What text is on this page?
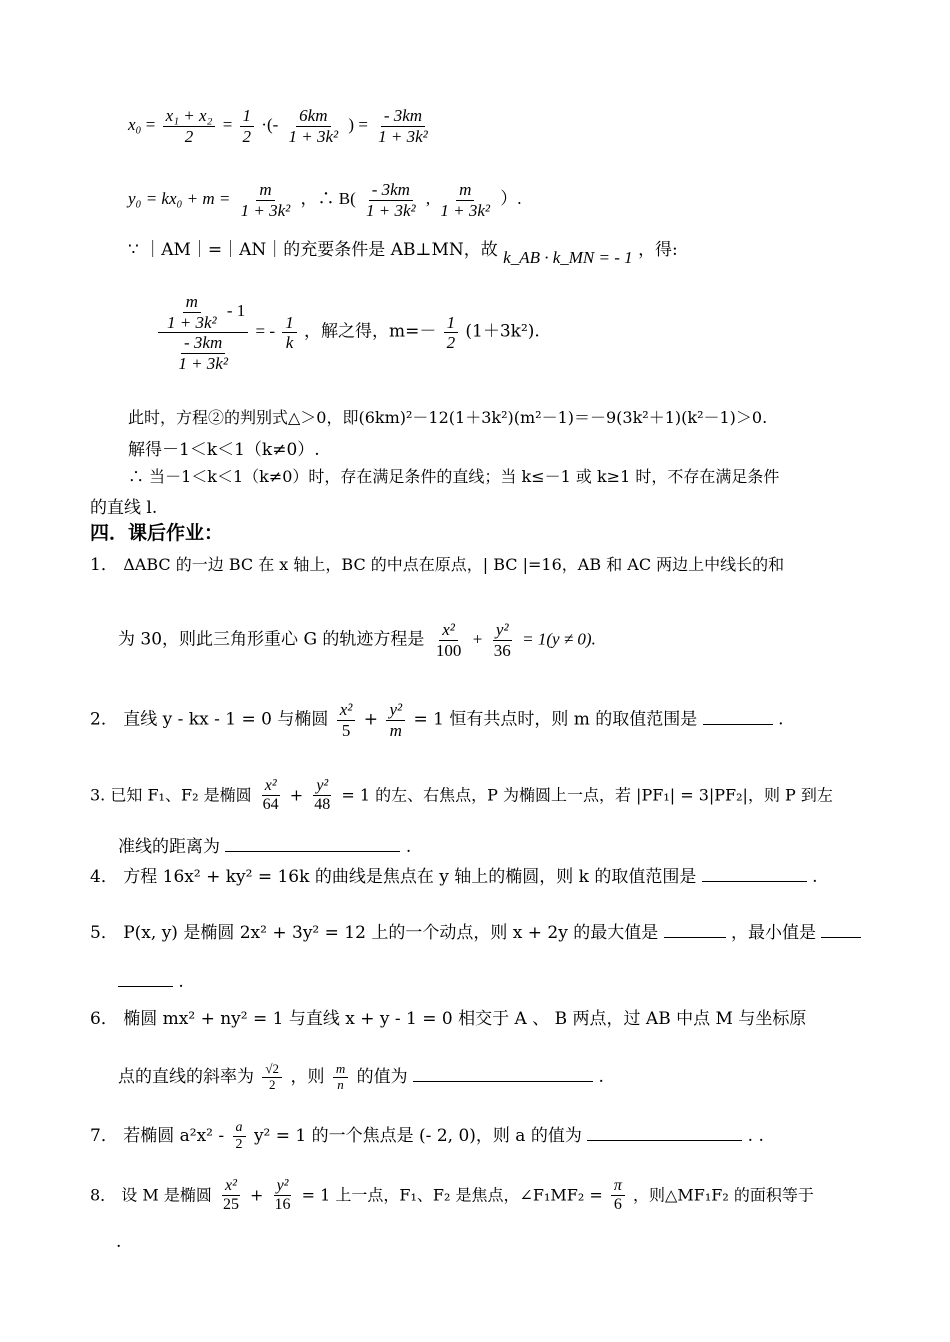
$x_0 = \frac{\text{x₁ + x₂}}{2} = \frac{1}{2}$ ·(- $\frac{6km}{\text{1 + 3k²}}$ ) = $\frac{- 3km}{\text{1 + 3k²}}$
$y_0 = kx_0 + m = \frac{m}{\text{1 + 3k²}}$ ，∴ $B( \frac{- 3km}{\text{1 + 3k²}}$ , $\frac{m}{\text{1 + 3k²}}$ ）.
∵ ｜AM｜=｜AN｜的充要条件是 AB⊥MN，故 k_AB · k_MN = - 1 ，得:
$\frac{\frac{m}{\text{1 + 3k²}} - 1}{\frac{- 3km}{\text{1 + 3k²}}}$ = - $\frac{1}{k}$ ，解之得，$m=- \frac{1}{2} (1+3k^2)$.
此时，方程②的判别式△＞0，即(6km)²－12(1＋3k²)(m²－1)＝－9(3k²＋1)(k²－1)＞0.
解得－1＜k＜1（k≠0）.
∴ 当－1＜k＜1（k≠0）时，存在满足条件的直线；当 k≤－1 或 k≥1 时，不存在满足条件
的直线 l.
四．课后作业：
1． ΔABC 的一边 BC 在 x 轴上，BC 的中点在原点，| BC |=16，AB 和 AC 两边上中线长的和
为 30，则此三角形重心 G 的轨迹方程是 $\frac{\text{x²}}{100} + \frac{\text{y²}}{36} = 1(y \ne 0)$.
2． 直线 y - kx - 1 = 0 与椭圆 $\frac{\text{x²}}{5} + \frac{\text{y²}}{m} = 1$ 恒有共点时，则 m 的取值范围是	.
3. 已知 F₁、F₂ 是椭圆 $\frac{\text{x²}}{64} + \frac{\text{y²}}{48} = 1$ 的左、右焦点，P 为椭圆上一点，若 |PF₁| = 3|PF₂|，则 P 到左
准线的距离为	.
4． 方程 16x² + ky² = 16k 的曲线是焦点在 y 轴上的椭圆，则 k 的取值范围是	.
5． P(x, y) 是椭圆 2x² + 3y² = 12 上的一个动点，则 x + 2y 的最大值是	，最小值是
.
6． 椭圆 mx² + ny² = 1 与直线 x + y - 1 = 0 相交于 A 、 B 两点，过 AB 中点 M 与坐标原
点的直线的斜率为 $\frac{√2}{2}$ ，则 $\frac{m}{n}$ 的值为	.
7． 若椭圆 $a^2x^2 - \frac{a}{2} y^2 = 1$ 的一个焦点是 (- 2, 0)，则 a 的值为	. .
8． 设 M 是椭圆 $\frac{\text{x²}}{25} + \frac{\text{y²}}{16} = 1$ 上一点，F₁、F₂ 是焦点，∠F₁MF₂ = $\frac{\pi}{6}$ ，则△MF₁F₂ 的面积等于
.
